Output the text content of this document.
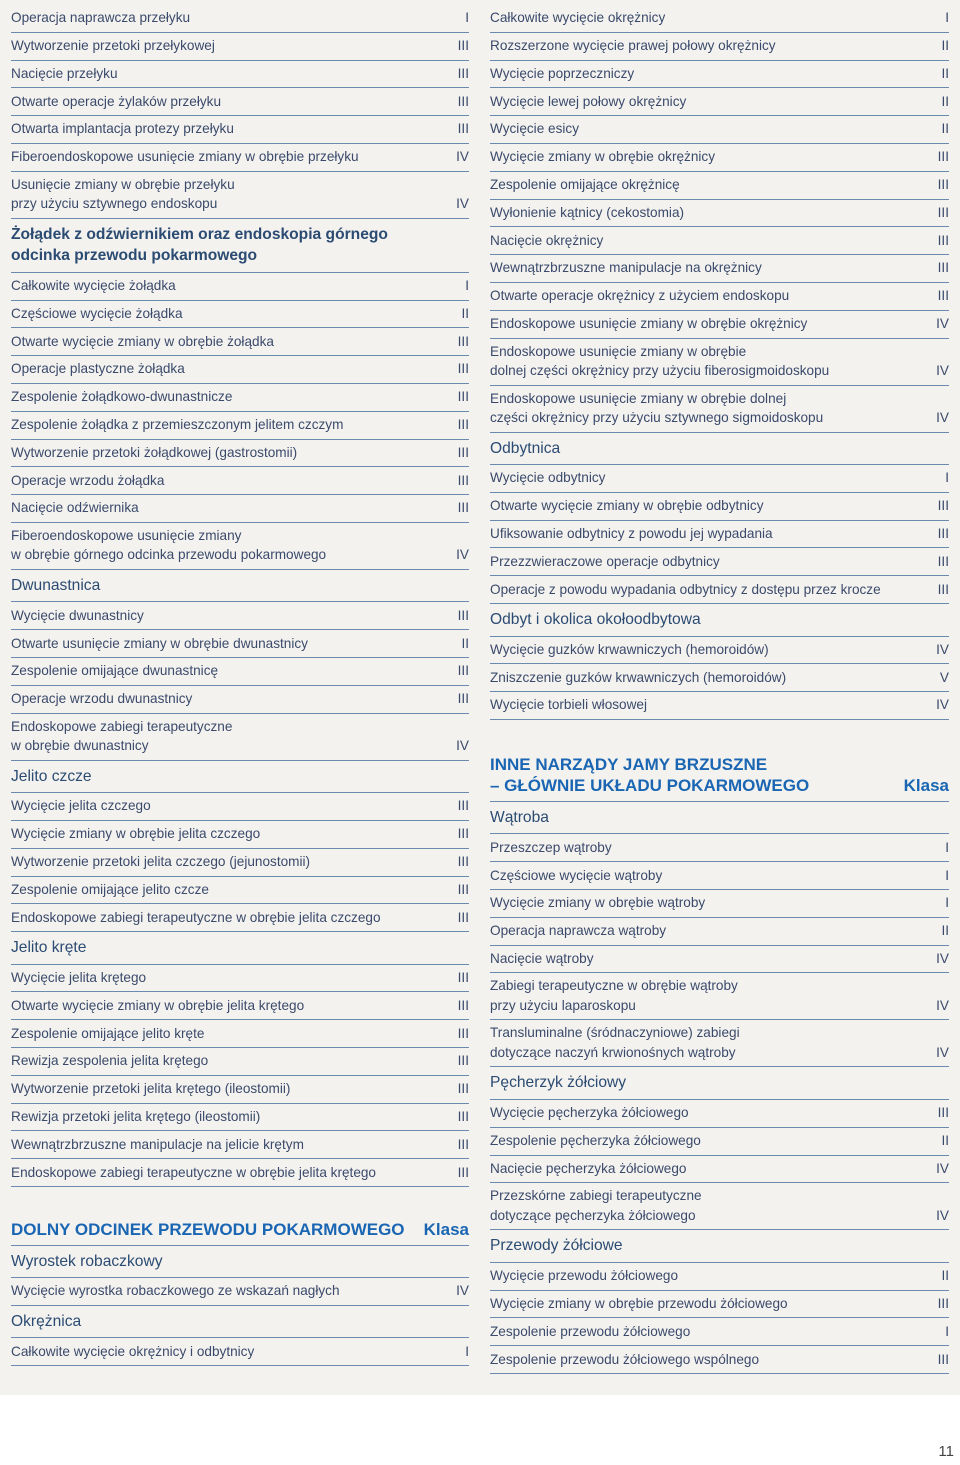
Operacja naprawcza przełyku	I
Wytworzenie przetoki przełykowej	III
Nacięcie przełyku	III
Otwarte operacje żylaków przełyku	III
Otwarta implantacja protezy przełyku	III
Fiberoendoskopowe usunięcie zmiany w obrębie przełyku	IV
Usunięcie zmiany w obrębie przełyku
przy użyciu sztywnego endoskopu	IV
Żołądek z odźwiernikiem oraz endoskopia górnego
odcinka przewodu pokarmowego
Całkowite wycięcie żołądka	I
Częściowe wycięcie żołądka	II
Otwarte wycięcie zmiany w obrębie żołądka	III
Operacje plastyczne żołądka	III
Zespolenie żołądkowo-dwunastnicze	III
Zespolenie żołądka z przemieszczonym jelitem czczym	III
Wytworzenie przetoki żołądkowej (gastrostomii)	III
Operacje wrzodu żołądka	III
Nacięcie odźwiernika	III
Fiberoendoskopowe usunięcie zmiany
w obrębie górnego odcinka przewodu pokarmowego	IV
Dwunastnica
Wycięcie dwunastnicy	III
Otwarte usunięcie zmiany w obrębie dwunastnicy	II
Zespolenie omijające dwunastnicę	III
Operacje wrzodu dwunastnicy	III
Endoskopowe zabiegi terapeutyczne
w obrębie dwunastnicy	IV
Jelito czcze
Wycięcie jelita czczego	III
Wycięcie zmiany w obrębie jelita czczego	III
Wytworzenie przetoki jelita czczego (jejunostomii)	III
Zespolenie omijające jelito czcze	III
Endoskopowe zabiegi terapeutyczne w obrębie jelita czczego	III
Jelito kręte
Wycięcie jelita krętego	III
Otwarte wycięcie zmiany w obrębie jelita krętego	III
Zespolenie omijające jelito kręte	III
Rewizja zespolenia jelita krętego	III
Wytworzenie przetoki jelita krętego (ileostomii)	III
Rewizja przetoki jelita krętego (ileostomii)	III
Wewnątrzbrzuszne manipulacje na jelicie krętym	III
Endoskopowe zabiegi terapeutyczne w obrębie jelita krętego	III
DOLNY ODCINEK PRZEWODU POKARMOWEGO Klasa
Wyrostek robaczkowy
Wycięcie wyrostka robaczkowego ze wskazań nagłych	IV
Okrężnica
Całkowite wycięcie okrężnicy i odbytnicy	I
Całkowite wycięcie okrężnicy	I
Rozszerzone wycięcie prawej połowy okrężnicy	II
Wycięcie poprzeczniczy	II
Wycięcie lewej połowy okrężnicy	II
Wycięcie esicy	II
Wycięcie zmiany w obrębie okrężnicy	III
Zespolenie omijające okrężnicę	III
Wyłonienie kątnicy (cekostomia)	III
Nacięcie okrężnicy	III
Wewnątrzbrzuszne manipulacje na okrężnicy	III
Otwarte operacje okrężnicy z użyciem endoskopu	III
Endoskopowe usunięcie zmiany w obrębie okrężnicy	IV
Endoskopowe usunięcie zmiany w obrębie
dolnej części okrężnicy przy użyciu fiberosigmoidoskopu	IV
Endoskopowe usunięcie zmiany w obrębie dolnej
części okrężnicy przy użyciu sztywnego sigmoidoskopu	IV
Odbytnica
Wycięcie odbytnicy	I
Otwarte wycięcie zmiany w obrębie odbytnicy	III
Ufiksowanie odbytnicy z powodu jej wypadania	III
Przezzwieraczowe operacje odbytnicy	III
Operacje z powodu wypadania odbytnicy z dostępu przez krocze	III
Odbyt i okolica okołoodbytowa
Wycięcie guzków krwawniczych (hemoroidów)	IV
Zniszczenie guzków krwawniczych (hemoroidów)	V
Wycięcie torbieli włosowej	IV
INNE NARZĄDY JAMY BRZUSZNE
– GŁÓWNIE UKŁADU POKARMOWEGO	Klasa
Wątroba
Przeszczep wątroby	I
Częściowe wycięcie wątroby	I
Wycięcie zmiany w obrębie wątroby	I
Operacja naprawcza wątroby	II
Nacięcie wątroby	IV
Zabiegi terapeutyczne w obrębie wątroby
przy użyciu laparoskopu	IV
Transluminalne (śródnaczyniowe) zabiegi
dotyczące naczyń krwionośnych wątroby	IV
Pęcherzyk żółciowy
Wycięcie pęcherzyka żółciowego	III
Zespolenie pęcherzyka żółciowego	II
Nacięcie pęcherzyka żółciowego	IV
Przezskórne zabiegi terapeutyczne
dotyczące pęcherzyka żółciowego	IV
Przewody żółciowe
Wycięcie przewodu żółciowego	II
Wycięcie zmiany w obrębie przewodu żółciowego	III
Zespolenie przewodu żółciowego	I
Zespolenie przewodu żółciowego wspólnego	III
11
